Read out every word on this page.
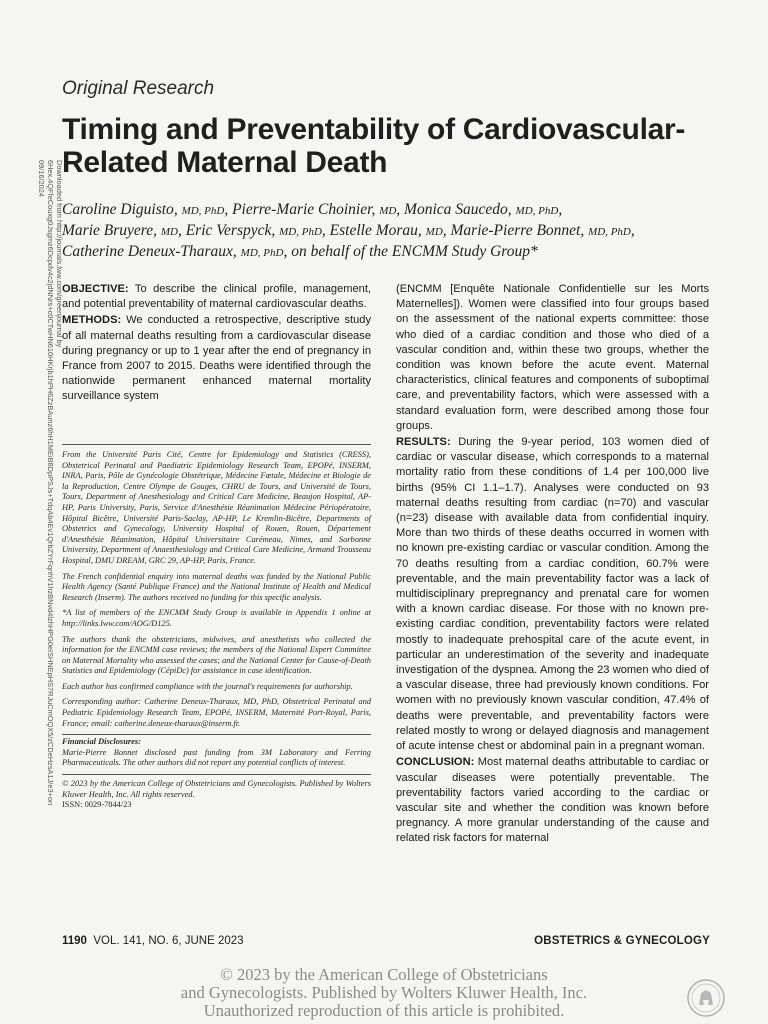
Downloaded from http://journals.lww.com/greenjournal by 6Hex.4QFfeCouxg0Jsgmz6Dcpdv4c2jdNNrs+c0CTwHN610HKrjb1hPH6ZzBAunz6hH1MEiB8DpPSJs+TdqAb4Ev1QrbZYrFqnhV1hzBNvd4lzhHPG0eISHNEpHS7RJuCmOQX5/zCDeHzsA1J/e3+on 09/16/2024
Original Research
Timing and Preventability of Cardiovascular-Related Maternal Death
Caroline Diguisto, MD, PhD, Pierre-Marie Choinier, MD, Monica Saucedo, MD, PhD,
Marie Bruyere, MD, Eric Verspyck, MD, PhD, Estelle Morau, MD, Marie-Pierre Bonnet, MD, PhD,
Catherine Deneux-Tharaux, MD, PhD, on behalf of the ENCMM Study Group*

OBJECTIVE: To describe the clinical profile, management, and potential preventability of maternal cardiovascular deaths.

METHODS: We conducted a retrospective, descriptive study of all maternal deaths resulting from a cardiovascular disease during pregnancy or up to 1 year after the end of pregnancy in France from 2007 to 2015. Deaths were identified through the nationwide permanent enhanced maternal mortality surveillance system

From the Université Paris Cité, Centre for Epidemiology and Statistics (CRESS), Obstetrical Perinatal and Paediatric Epidemiology Research Team, EPOPé, INSERM, INRA, Paris, Pôle de Gynécologie Obstétrique, Médecine Fœtale, Médecine et Biologie de la Reproduction, Centre Olympe de Gouges, CHRU de Tours, and Université de Tours, Tours, Department of Anesthesiology and Critical Care Medicine, Beaujon Hospital, AP-HP, Paris University, Paris, Service d'Anesthésie Réanimation Médecine Périopératoire, Hôpital Bicêtre, Université Paris-Saclay, AP-HP, Le Kremlin-Bicêtre, Departments of Obstetrics and Gynecology, University Hospital of Rouen, Rouen, Département d'Anesthésie Réanimation, Hôpital Universitaire Carémeau, Nimes, and Sorbonne University, Department of Anaesthesiology and Critical Care Medicine, Armand Trousseau Hospital, DMU DREAM, GRC 29, AP-HP, Paris, France.

The French confidential enquiry into maternal deaths was funded by the National Public Health Agency (Santé Publique France) and the National Institute of Health and Medical Research (Inserm). The authors received no funding for this specific analysis.

*A list of members of the ENCMM Study Group is available in Appendix 1 online at http://links.lww.com/AOG/D125.

The authors thank the obstetricians, midwives, and anesthetists who collected the information for the ENCMM case reviews; the members of the National Expert Committee on Maternal Mortality who assessed the cases; and the National Center for Cause-of-Death Statistics and Epidemiology (CépiDc) for assistance in case identification.

Each author has confirmed compliance with the journal's requirements for authorship.

Corresponding author: Catherine Deneux-Tharaux, MD, PhD, Obstetrical Perinatal and Pediatric Epidemiology Research Team, EPOPé, INSERM, Maternité Port-Royal, Paris, France; email: catherine.deneux-tharaux@inserm.fr.

Financial Disclosures:

Marie-Pierre Bonnet disclosed past funding from 3M Laboratory and Ferring Pharmaceuticals. The other authors did not report any potential conflicts of interest.

© 2023 by the American College of Obstetricians and Gynecologists. Published by Wolters Kluwer Health, Inc. All rights reserved.

ISSN: 0029-7844/23

(ENCMM [Enquête Nationale Confidentielle sur les Morts Maternelles]). Women were classified into four groups based on the assessment of the national experts committee: those who died of a cardiac condition and those who died of a vascular condition and, within these two groups, whether the condition was known before the acute event. Maternal characteristics, clinical features and components of suboptimal care, and preventability factors, which were assessed with a standard evaluation form, were described among those four groups.

RESULTS: During the 9-year period, 103 women died of cardiac or vascular disease, which corresponds to a maternal mortality ratio from these conditions of 1.4 per 100,000 live births (95% CI 1.1–1.7). Analyses were conducted on 93 maternal deaths resulting from cardiac (n=70) and vascular (n=23) disease with available data from confidential inquiry. More than two thirds of these deaths occurred in women with no known pre-existing cardiac or vascular condition. Among the 70 deaths resulting from a cardiac condition, 60.7% were preventable, and the main preventability factor was a lack of multidisciplinary prepregnancy and prenatal care for women with a known cardiac disease. For those with no known pre-existing cardiac condition, preventability factors were related mostly to inadequate prehospital care of the acute event, in particular an underestimation of the severity and inadequate investigation of the dyspnea. Among the 23 women who died of a vascular disease, three had previously known conditions. For women with no previously known vascular condition, 47.4% of deaths were preventable, and preventability factors were related mostly to wrong or delayed diagnosis and management of acute intense chest or abdominal pain in a pregnant woman.

CONCLUSION: Most maternal deaths attributable to cardiac or vascular diseases were potentially preventable. The preventability factors varied according to the cardiac or vascular site and whether the condition was known before pregnancy. A more granular understanding of the cause and related risk factors for maternal

1190 VOL. 141, NO. 6, JUNE 2023	OBSTETRICS & GYNECOLOGY
© 2023 by the American College of Obstetricians
and Gynecologists. Published by Wolters Kluwer Health, Inc.
Unauthorized reproduction of this article is prohibited.
